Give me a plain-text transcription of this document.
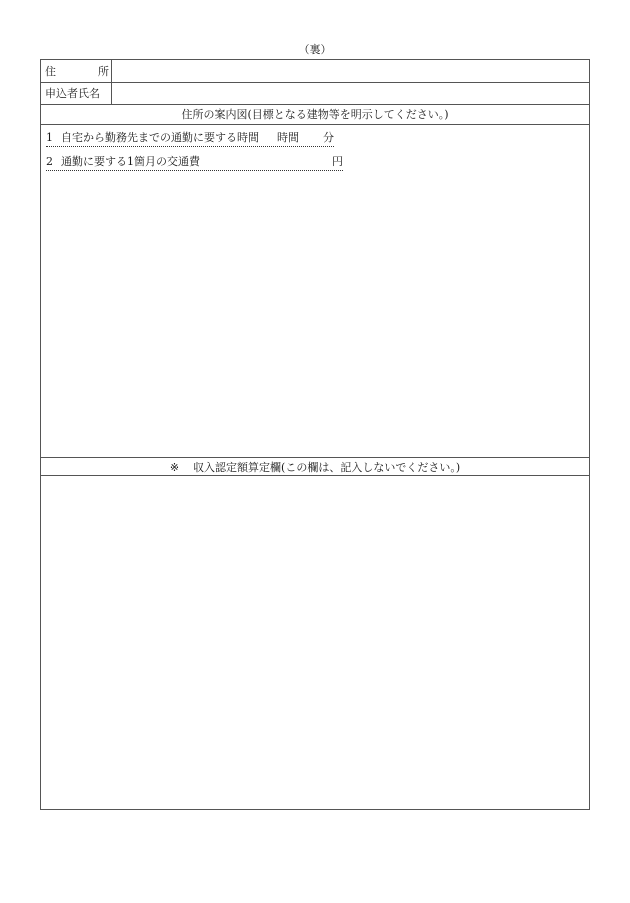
（裏）
住	所
申込者氏名
住所の案内図(目標となる建物等を明示してください。)
1 自宅から勤務先までの通勤に要する時間 時間 分
2 通勤に要する1箇月の交通費	円
※ 収入認定額算定欄(この欄は、記入しないでください。)
